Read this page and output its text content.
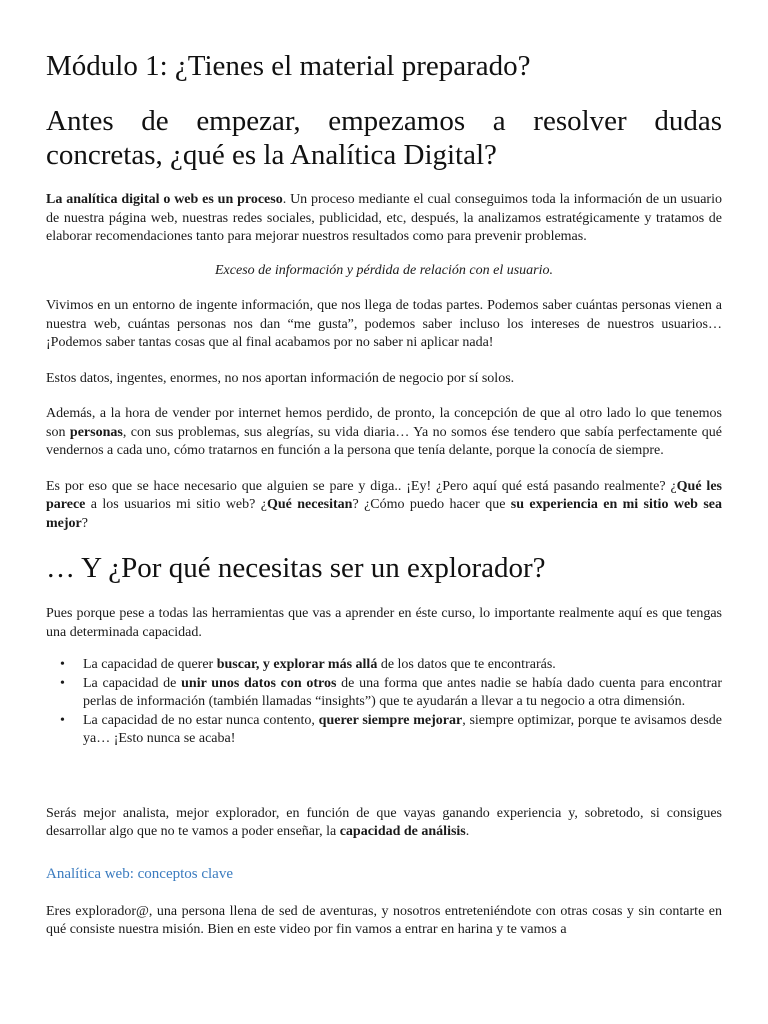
Módulo 1: ¿Tienes el material preparado?
Antes de empezar, empezamos a resolver dudas concretas, ¿qué es la Analítica Digital?

La analítica digital o web es un proceso. Un proceso mediante el cual conseguimos toda la información de un usuario de nuestra página web, nuestras redes sociales, publicidad, etc, después, la analizamos estratégicamente y tratamos de elaborar recomendaciones tanto para mejorar nuestros resultados como para prevenir problemas.

Exceso de información y pérdida de relación con el usuario.

Vivimos en un entorno de ingente información, que nos llega de todas partes. Podemos saber cuántas personas vienen a nuestra web, cuántas personas nos dan “me gusta”, podemos saber incluso los intereses de nuestros usuarios… ¡Podemos saber tantas cosas que al final acabamos por no saber ni aplicar nada!

Estos datos, ingentes, enormes, no nos aportan información de negocio por sí solos.

Además, a la hora de vender por internet hemos perdido, de pronto, la concepción de que al otro lado lo que tenemos son personas, con sus problemas, sus alegrías, su vida diaria… Ya no somos ése tendero que sabía perfectamente qué vendernos a cada uno, cómo tratarnos en función a la persona que tenía delante, porque la conocía de siempre.

Es por eso que se hace necesario que alguien se pare y diga.. ¡Ey! ¿Pero aquí qué está pasando realmente? ¿Qué les parece a los usuarios mi sitio web? ¿Qué necesitan? ¿Cómo puedo hacer que su experiencia en mi sitio web sea mejor?

… Y ¿Por qué necesitas ser un explorador?

Pues porque pese a todas las herramientas que vas a aprender en éste curso, lo importante realmente aquí es que tengas una determinada capacidad.

• La capacidad de querer buscar, y explorar más allá de los datos que te encontrarás.
• La capacidad de unir unos datos con otros de una forma que antes nadie se había dado cuenta para encontrar perlas de información (también llamadas “insights”) que te ayudarán a llevar a tu negocio a otra dimensión.
• La capacidad de no estar nunca contento, querer siempre mejorar, siempre optimizar, porque te avisamos desde ya… ¡Esto nunca se acaba!

Serás mejor analista, mejor explorador, en función de que vayas ganando experiencia y, sobretodo, si consigues desarrollar algo que no te vamos a poder enseñar, la capacidad de análisis.

Analítica web: conceptos clave

Eres explorador@, una persona llena de sed de aventuras, y nosotros entreteniéndote con otras cosas y sin contarte en qué consiste nuestra misión. Bien en este video por fin vamos a entrar en harina y te vamos a
